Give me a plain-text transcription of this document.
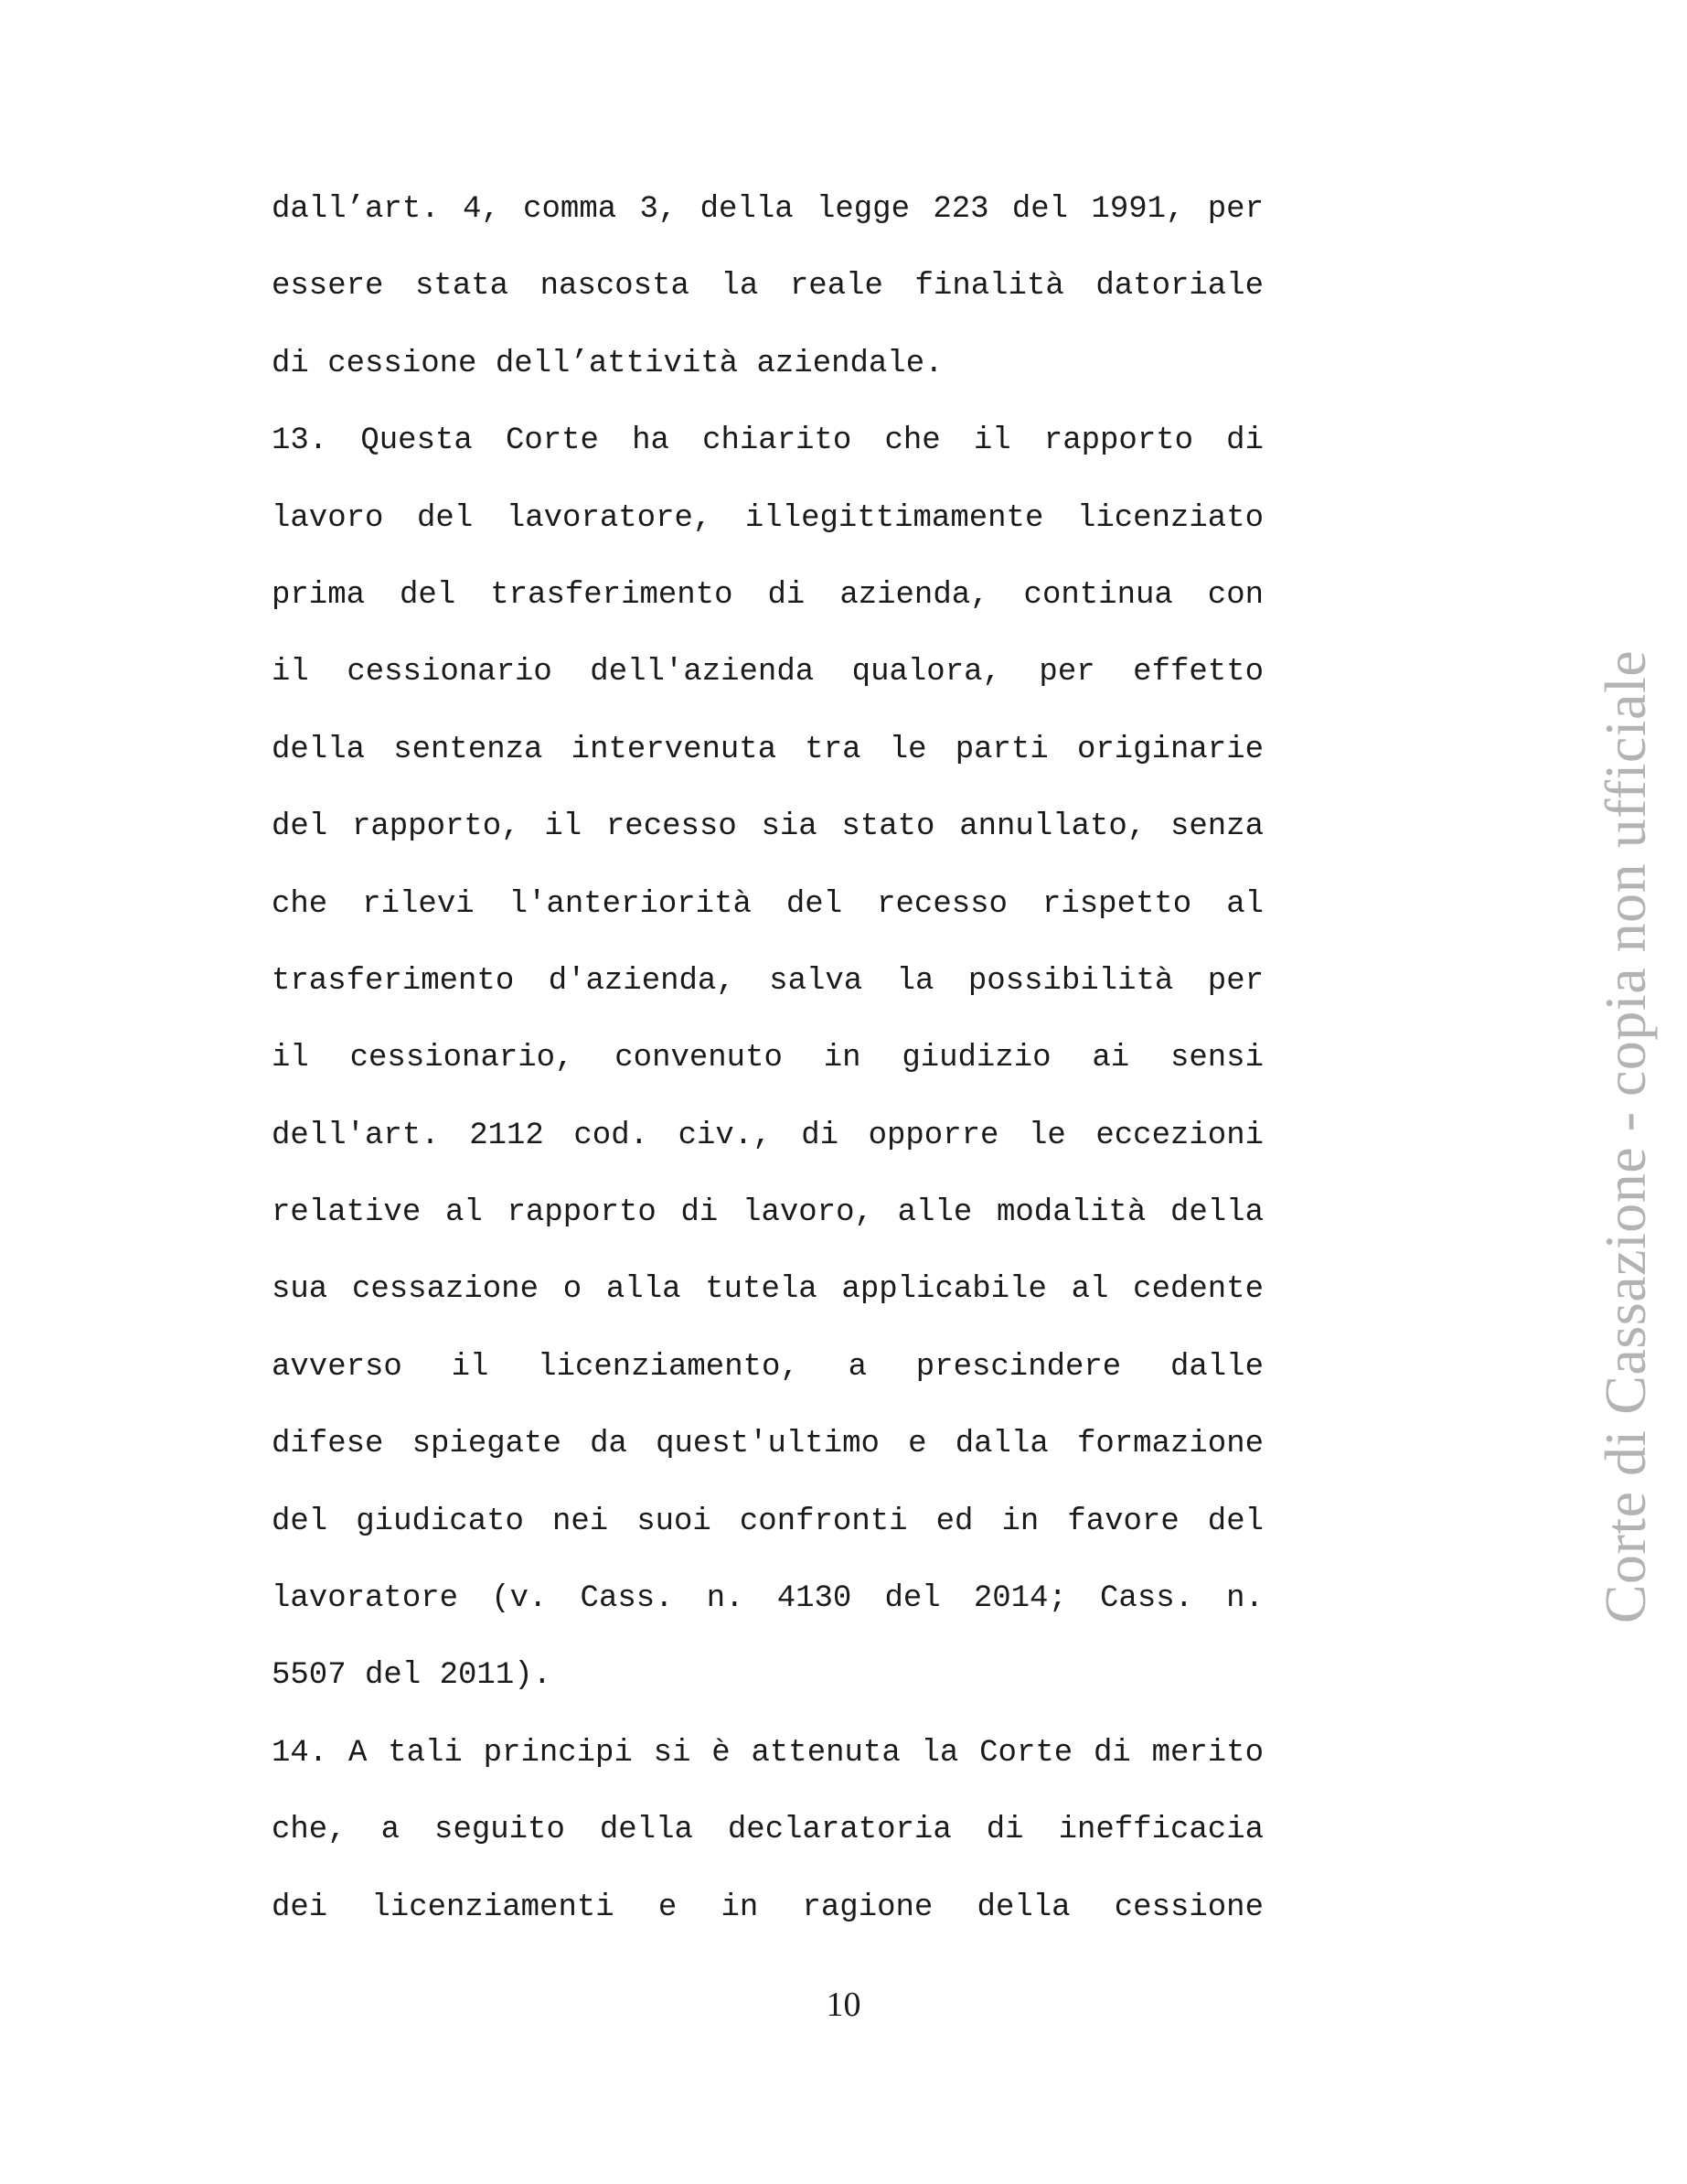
dall’art. 4, comma 3, della legge 223 del 1991, per
essere stata nascosta la reale finalità datoriale
di cessione dell’attività aziendale.
13. Questa Corte ha chiarito che il rapporto di
lavoro del lavoratore, illegittimamente licenziato
prima del trasferimento di azienda, continua con
il cessionario dell'azienda qualora, per effetto
della sentenza intervenuta tra le parti originarie
del rapporto, il recesso sia stato annullato, senza
che rilevi l'anteriorità del recesso rispetto al
trasferimento d'azienda, salva la possibilità per
il cessionario, convenuto in giudizio ai sensi
dell'art. 2112 cod. civ., di opporre le eccezioni
relative al rapporto di lavoro, alle modalità della
sua cessazione o alla tutela applicabile al cedente
avverso il licenziamento, a prescindere dalle
difese spiegate da quest'ultimo e dalla formazione
del giudicato nei suoi confronti ed in favore del
lavoratore (v. Cass. n. 4130 del 2014; Cass. n.
5507 del 2011).
14. A tali principi si è attenuta la Corte di merito
che, a seguito della declaratoria di inefficacia
dei licenziamenti e in ragione della cessione
10
Corte di Cassazione - copia non ufficiale
